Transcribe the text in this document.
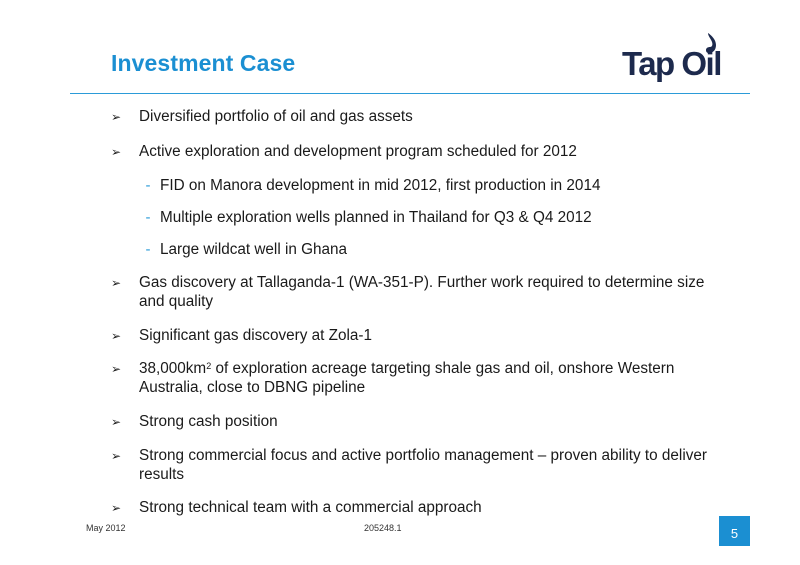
Investment Case	Tap Oil
➢	Diversified portfolio of oil and gas assets
➢	Active exploration and development program scheduled for 2012
- FID on Manora development in mid 2012, first production in 2014
- Multiple exploration wells planned in Thailand for Q3 & Q4 2012
- Large wildcat well in Ghana
➢	Gas discovery at Tallaganda-1 (WA-351-P). Further work required to determine size and quality
➢	Significant gas discovery at Zola-1
➢	$38,000km^2$ of exploration acreage targeting shale gas and oil, onshore Western Australia, close to DBNG pipeline
➢	Strong cash position
➢	Strong commercial focus and active portfolio management – proven ability to deliver results
➢	Strong technical team with a commercial approach
May 2012	205248.1	5
